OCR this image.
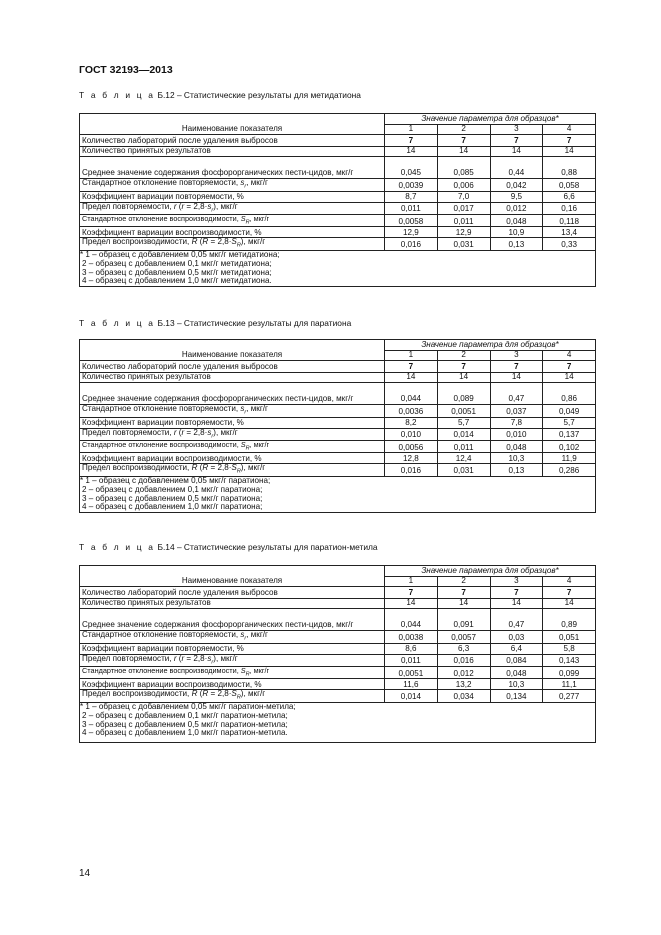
ГОСТ 32193—2013
Т а б л и ц а Б.12 – Статистические результаты для метидатиона
Наименование показателя	Значение параметра для образцов*			
	1	2	3	4
Количество лабораторий после удаления выбросов	7	7	7	7
Количество принятых результатов	14	14	14	14
Среднее значение содержания фосфорорганических пести-цидов, мкг/г	0,045	0,085	0,44	0,88
Стандартное отклонение повторяемости, $s_r$, мкг/г	0,0039	0,006	0,042	0,058
Коэффициент вариации повторяемости, %	8,7	7,0	9,5	6,6
Предел повторяемости, r $(r = 2,8\cdot s_r)$, мкг/г	0,011	0,017	0,012	0,16
Стандартное отклонение воспроизводимости, $S_R$, мкг/г	0,0058	0,011	0,048	0,118
Коэффициент вариации воспроизводимости, %	12,9	12,9	10,9	13,4
Предел воспроизводимости, R $(R = 2,8\cdot S_R)$, мкг/г	0,016	0,031	0,13	0,33

* 1 – образец с добавлением 0,05 мкг/г метидатиона;
2 – образец с добавлением 0,1 мкг/г метидатиона;
3 – образец с добавлением 0,5 мкг/г метидатиона;
4 – образец с добавлением 1,0 мкг/г метидатиона.				
Т а б л и ц а Б.13 – Статистические результаты для паратиона
Наименование показателя	Значение параметра для образцов*			
	1	2	3	4
Количество лабораторий после удаления выбросов	7	7	7	7
Количество принятых результатов	14	14	14	14
Среднее значение содержания фосфорорганических пести-цидов, мкг/г	0,044	0,089	0,47	0,86
Стандартное отклонение повторяемости, $s_r$, мкг/г	0,0036	0,0051	0,037	0,049
Коэффициент вариации повторяемости, %	8,2	5,7	7,8	5,7
Предел повторяемости, r $(r = 2,8\cdot s_r)$, мкг/г	0,010	0,014	0,010	0,137
Стандартное отклонение воспроизводимости, $S_R$, мкг/г	0,0056	0,011	0,048	0,102
Коэффициент вариации воспроизводимости, %	12,8	12,4	10,3	11,9
Предел воспроизводимости, R $(R = 2,8\cdot S_R)$, мкг/г	0,016	0,031	0,13	0,286

* 1 – образец с добавлением 0,05 мкг/г паратиона;
2 – образец с добавлением 0,1 мкг/г паратиона;
3 – образец с добавлением 0,5 мкг/г паратиона;
4 – образец с добавлением 1,0 мкг/г паратиона;				
Т а б л и ц а Б.14 – Статистические результаты для паратион-метила
Наименование показателя	Значение параметра для образцов*			
	1	2	3	4
Количество лабораторий после удаления выбросов	7	7	7	7
Количество принятых результатов	14	14	14	14
Среднее значение содержания фосфорорганических пести-цидов, мкг/г	0,044	0,091	0,47	0,89
Стандартное отклонение повторяемости, $s_r$, мкг/г	0,0038	0,0057	0,03	0,051
Коэффициент вариации повторяемости, %	8,6	6,3	6,4	5,8
Предел повторяемости, r $(r = 2,8\cdot s_r)$, мкг/г	0,011	0,016	0,084	0,143
Стандартное отклонение воспроизводимости, $S_R$, мкг/г	0,0051	0,012	0,048	0,099
Коэффициент вариации воспроизводимости, %	11,6	13,2	10,3	11,1
Предел воспроизводимости, R $(R = 2,8\cdot S_R)$, мкг/г	0,014	0,034	0,134	0,277

* 1 – образец с добавлением 0,05 мкг/г паратион-метила;
2 – образец с добавлением 0,1 мкг/г паратион-метила;
3 – образец с добавлением 0,5 мкг/г паратион-метила;
4 – образец с добавлением 1,0 мкг/г паратион-метила.				
14
